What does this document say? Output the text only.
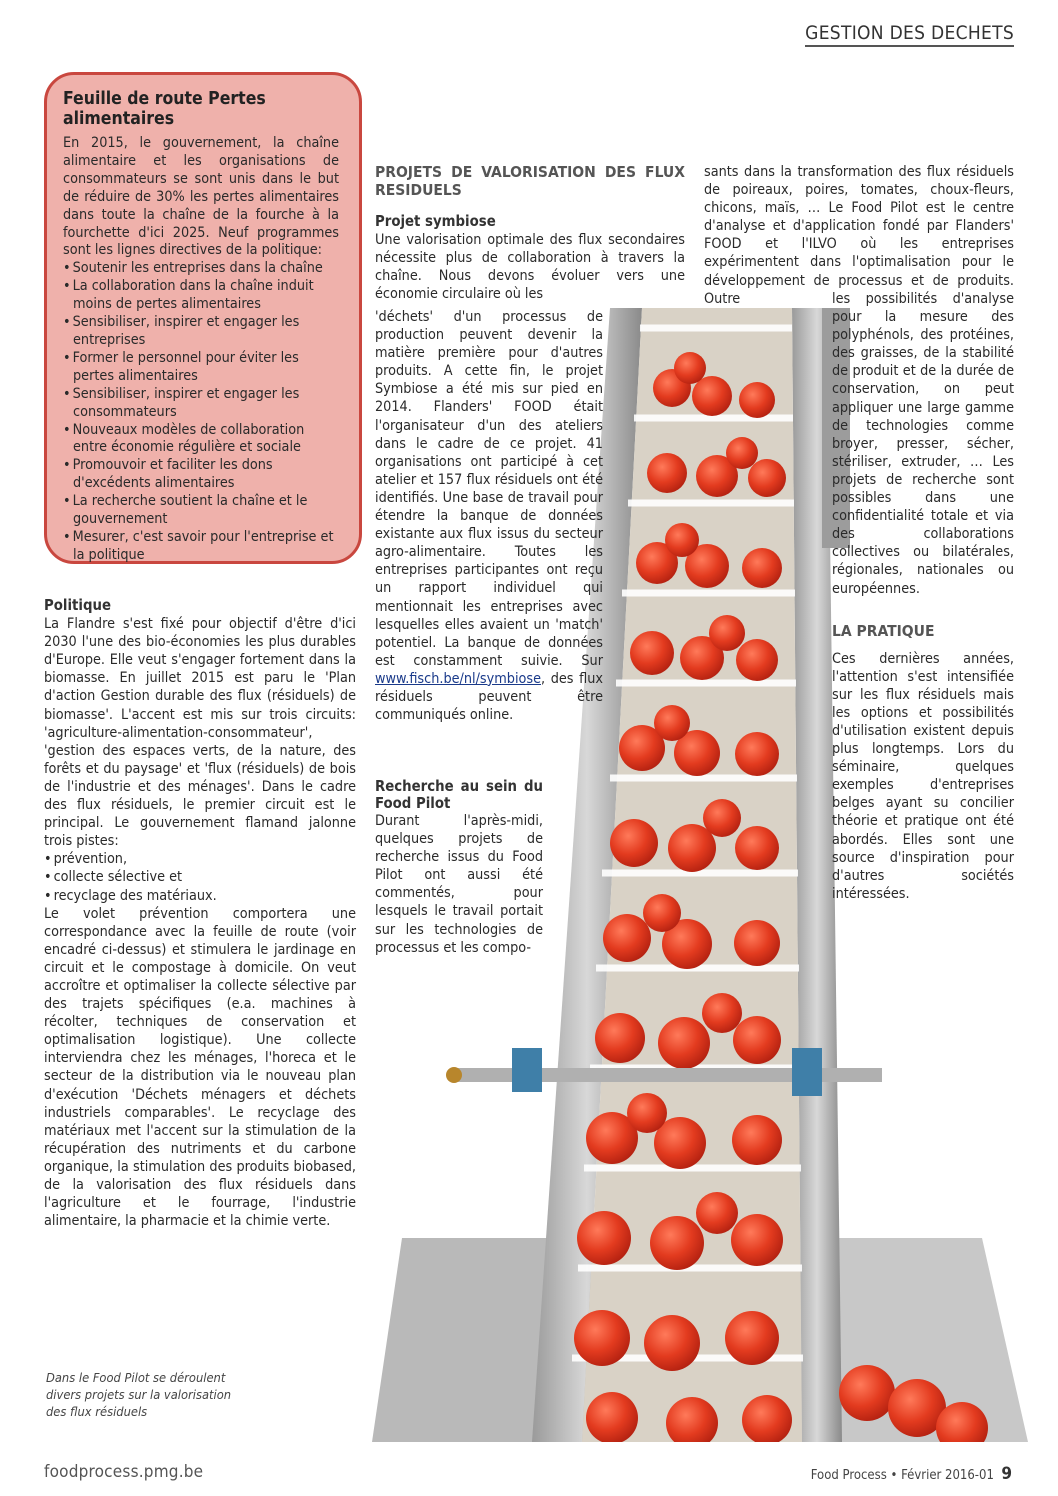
GESTION DES DECHETS
Feuille de route Pertes alimentaires

En 2015, le gouvernement, la chaîne alimentaire et les organisations de consommateurs se sont unis dans le but de réduire de 30% les pertes alimentaires dans toute la chaîne de la fourche à la fourchette d'ici 2025. Neuf programmes sont les lignes directives de la politique:

• Soutenir les entreprises dans la chaîne
• La collaboration dans la chaîne induit moins de pertes alimentaires
• Sensibiliser, inspirer et engager les entreprises
• Former le personnel pour éviter les pertes alimentaires
• Sensibiliser, inspirer et engager les consommateurs
• Nouveaux modèles de collaboration entre économie régulière et sociale
• Promouvoir et faciliter les dons d'excédents alimentaires
• La recherche soutient la chaîne et le gouvernement
• Mesurer, c'est savoir pour l'entreprise et la politique
Politique

La Flandre s'est fixé pour objectif d'être d'ici 2030 l'une des bio-économies les plus durables d'Europe. Elle veut s'engager fortement dans la biomasse. En juillet 2015 est paru le 'Plan d'action Gestion durable des flux (résiduels) de biomasse'. L'accent est mis sur trois circuits: 'agriculture-alimentation-consommateur', 'gestion des espaces verts, de la nature, des forêts et du paysage' et 'flux (résiduels) de bois de l'industrie et des ménages'. Dans le cadre des flux résiduels, le premier circuit est le principal. Le gouvernement flamand jalonne trois pistes:

• prévention,
• collecte sélective et
• recyclage des matériaux.

Le volet prévention comportera une correspondance avec la feuille de route (voir encadré ci-dessus) et stimulera le jardinage en circuit et le compostage à domicile. On veut accroître et optimaliser la collecte sélective par des trajets spécifiques (e.a. machines à récolter, techniques de conservation et optimalisation logistique). Une collecte interviendra chez les ménages, l'horeca et le secteur de la distribution via le nouveau plan d'exécution 'Déchets ménagers et déchets industriels comparables'. Le recyclage des matériaux met l'accent sur la stimulation de la récupération des nutriments et du carbone organique, la stimulation des produits biobased, de la valorisation des flux résiduels dans l'agriculture et le fourrage, l'industrie alimentaire, la pharmacie et la chimie verte.

PROJETS DE VALORISATION DES FLUX RESIDUELS
Projet symbiose

Une valorisation optimale des flux secondaires nécessite plus de collaboration à travers la chaîne. Nous devons évoluer vers une économie circulaire où les

'déchets' d'un processus de production peuvent devenir la matière première pour d'autres produits. A cette fin, le projet Symbiose a été mis sur pied en 2014. Flanders' FOOD était l'organisateur d'un des ateliers dans le cadre de ce projet. 41 organisations ont participé à cet atelier et 157 flux résiduels ont été identifiés. Une base de travail pour étendre la banque de données existante aux flux issus du secteur agro-alimentaire. Toutes les entreprises participantes ont reçu un rapport individuel qui mentionnait les entreprises avec lesquelles elles avaient un 'match' potentiel. La banque de données est constamment suivie. Sur www.fisch.be/nl/symbiose, des flux résiduels peuvent être communiqués online.

Recherche au sein du Food Pilot

Durant l'après-midi, quelques projets de recherche issus du Food Pilot ont aussi été commentés, pour lesquels le travail portait sur les technologies de processus et les compo-

sants dans la transformation des flux résiduels de poireaux, poires, tomates, choux-fleurs, chicons, maïs, … Le Food Pilot est le centre d'analyse et d'application fondé par Flanders' FOOD et l'ILVO où les entreprises expérimentent dans l'optimalisation pour le développement de processus et de produits. Outre	les possibilités d'analyse pour la mesure des polyphénols, des protéines, des graisses, de la stabilité de produit et de la durée de conservation, on peut appliquer une large gamme de technologies comme broyer, presser, sécher, stériliser, extruder, … Les projets de recherche sont possibles dans une confidentialité totale et via des collaborations collectives ou bilatérales, régionales, nationales ou européennes.

LA PRATIQUE

Ces dernières années, l'attention s'est intensifiée sur les flux résiduels mais les options et possibilités d'utilisation existent depuis plus longtemps. Lors du séminaire, quelques exemples d'entreprises belges ayant su concilier théorie et pratique ont été abordés. Elles sont une source d'inspiration pour d'autres sociétés intéressées.

Dans le Food Pilot se déroulent divers projets sur la valorisation des flux résiduels
foodprocess.pmg.be	Food Process • Février 2016-01 9
